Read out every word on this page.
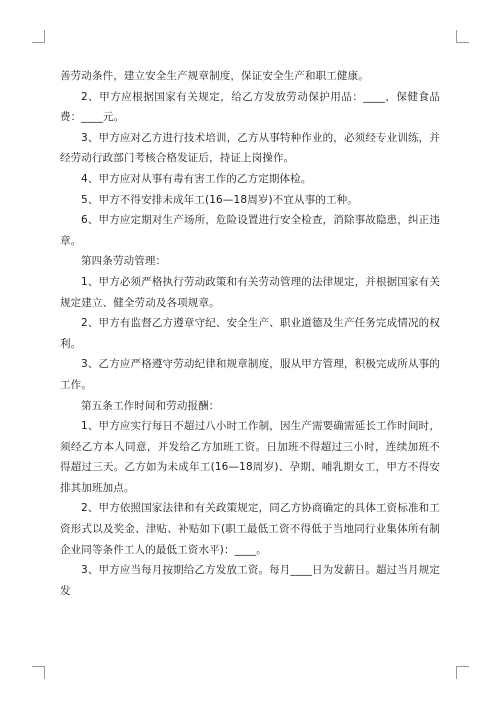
善劳动条件，建立安全生产规章制度，保证安全生产和职工健康。

2、甲方应根据国家有关规定，给乙方发放劳动保护用品：____，保健食品费：____元。

3、甲方应对乙方进行技术培训，乙方从事特种作业的，必须经专业训练，并经劳动行政部门考核合格发证后，持证上岗操作。

4、甲方应对从事有毒有害工作的乙方定期体检。

5、甲方不得安排未成年工(16—18周岁)不宜从事的工种。

6、甲方应定期对生产场所，危险设置进行安全检查，消除事故隐患，纠正违章。

第四条劳动管理：

1、甲方必须严格执行劳动政策和有关劳动管理的法律规定，并根据国家有关规定建立、健全劳动及各项规章。

2、甲方有监督乙方遵章守纪、安全生产、职业道德及生产任务完成情况的权利。

3、乙方应严格遵守劳动纪律和规章制度，服从甲方管理，积极完成所从事的工作。

第五条工作时间和劳动报酬：

1、甲方应实行每日不超过八小时工作制，因生产需要确需延长工作时间时，须经乙方本人同意，并发给乙方加班工资。日加班不得超过三小时，连续加班不得超过三天。乙方如为未成年工(16—18周岁)、孕期、哺乳期女工，甲方不得安排其加班加点。

2、甲方依照国家法律和有关政策规定，同乙方协商确定的具体工资标准和工资形式以及奖金、津贴、补贴如下(职工最低工资不得低于当地同行业集体所有制企业同等条件工人的最低工资水平)：____。

3、甲方应当每月按期给乙方发放工资。每月____日为发薪日。超过当月规定发
